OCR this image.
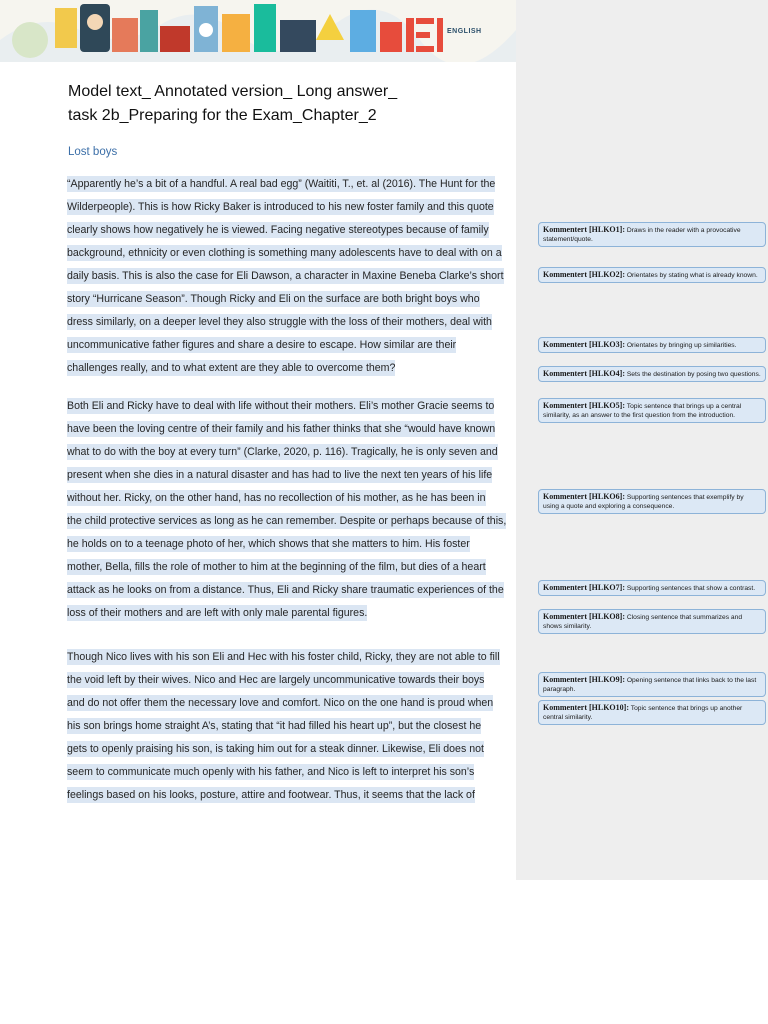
ENGLISH
Model text_ Annotated version_ Long answer_
task 2b_Preparing for the Exam_Chapter_2
Lost boys
“Apparently he’s a bit of a handful. A real bad egg” (Waititi, T., et. al (2016). The Hunt for the
Wilderpeople). This is how Ricky Baker is introduced to his new foster family and this quote
clearly shows how negatively he is viewed. Facing negative stereotypes because of family
background, ethnicity or even clothing is something many adolescents have to deal with on a
daily basis. This is also the case for Eli Dawson, a character in Maxine Beneba Clarke’s short
story “Hurricane Season”. Though Ricky and Eli on the surface are both bright boys who
dress similarly, on a deeper level they also struggle with the loss of their mothers, deal with
uncommunicative father figures and share a desire to escape. How similar are their
challenges really, and to what extent are they able to overcome them?
Both Eli and Ricky have to deal with life without their mothers. Eli’s mother Gracie seems to
have been the loving centre of their family and his father thinks that she “would have known
what to do with the boy at every turn” (Clarke, 2020, p. 116). Tragically, he is only seven and
present when she dies in a natural disaster and has had to live the next ten years of his life
without her. Ricky, on the other hand, has no recollection of his mother, as he has been in
the child protective services as long as he can remember. Despite or perhaps because of this,
he holds on to a teenage photo of her, which shows that she matters to him. His foster
mother, Bella, fills the role of mother to him at the beginning of the film, but dies of a heart
attack as he looks on from a distance. Thus, Eli and Ricky share traumatic experiences of the
loss of their mothers and are left with only male parental figures.
Though Nico lives with his son Eli and Hec with his foster child, Ricky, they are not able to fill
the void left by their wives. Nico and Hec are largely uncommunicative towards their boys
and do not offer them the necessary love and comfort. Nico on the one hand is proud when
his son brings home straight A’s, stating that “it had filled his heart up”, but the closest he
gets to openly praising his son, is taking him out for a steak dinner. Likewise, Eli does not
seem to communicate much openly with his father, and Nico is left to interpret his son’s
feelings based on his looks, posture, attire and footwear. Thus, it seems that the lack of
Kommentert [HLKO1]: Draws in the reader with a provocative statement/quote.
Kommentert [HLKO2]: Orientates by stating what is already known.
Kommentert [HLKO3]: Orientates by bringing up similarities.
Kommentert [HLKO4]: Sets the destination by posing two questions.
Kommentert [HLKO5]: Topic sentence that brings up a central similarity, as an answer to the first question from the introduction.
Kommentert [HLKO6]: Supporting sentences that exemplify by using a quote and exploring a consequence.
Kommentert [HLKO7]: Supporting sentences that show a contrast.
Kommentert [HLKO8]: Closing sentence that summarizes and shows similarity.
Kommentert [HLKO9]: Opening sentence that links back to the last paragraph.
Kommentert [HLKO10]: Topic sentence that brings up another central similarity.
